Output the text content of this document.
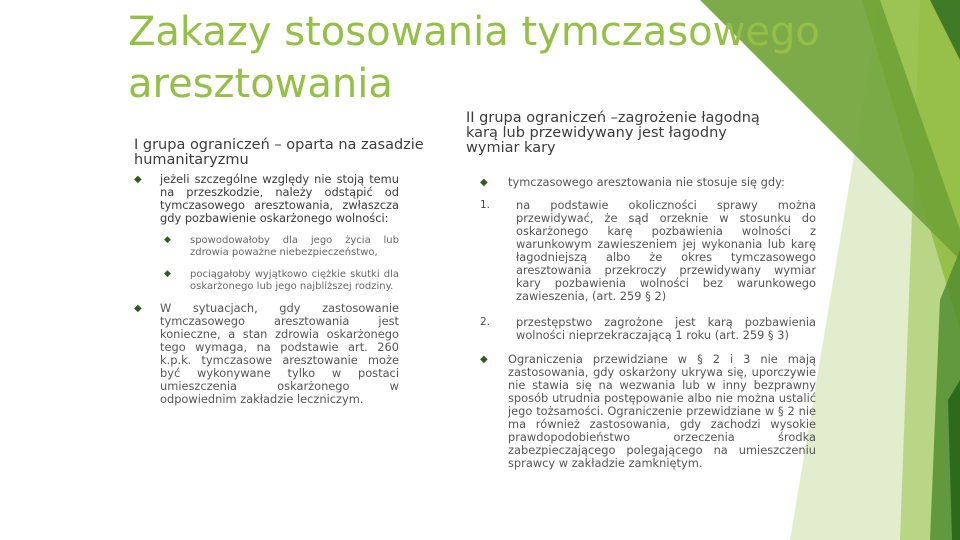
Zakazy stosowania tymczasowego aresztowania
I grupa ograniczeń – oparta na zasadzie humanitaryzmu
II grupa ograniczeń –zagrożenie łagodną karą lub przewidywany jest łagodny wymiar kary
◆ jeżeli szczególne względy nie stoją temu na przeszkodzie, należy odstąpić od tymczasowego aresztowania, zwłaszcza gdy pozbawienie oskarżonego wolności:
◆ spowodowałoby dla jego życia lub zdrowia poważne niebezpieczeństwo,
◆ pociągałoby wyjątkowo ciężkie skutki dla oskarżonego lub jego najbliższej rodziny.
◆ W sytuacjach, gdy zastosowanie tymczasowego aresztowania jest konieczne, a stan zdrowia oskarżonego tego wymaga, na podstawie art. 260 k.p.k. tymczasowe aresztowanie może być wykonywane tylko w postaci umieszczenia oskarżonego w odpowiednim zakładzie leczniczym.
◆ tymczasowego aresztowania nie stosuje się gdy:
1. na podstawie okoliczności sprawy można przewidywać, że sąd orzeknie w stosunku do oskarżonego karę pozbawienia wolności z warunkowym zawieszeniem jej wykonania lub karę łagodniejszą albo że okres tymczasowego aresztowania przekroczy przewidywany wymiar kary pozbawienia wolności bez warunkowego zawieszenia, (art. 259 § 2)
2. przestępstwo zagrożone jest karą pozbawienia wolności nieprzekraczającą 1 roku (art. 259 § 3)
◆ Ograniczenia przewidziane w § 2 i 3 nie mają zastosowania, gdy oskarżony ukrywa się, uporczywie nie stawia się na wezwania lub w inny bezprawny sposób utrudnia postępowanie albo nie można ustalić jego tożsamości. Ograniczenie przewidziane w § 2 nie ma również zastosowania, gdy zachodzi wysokie prawdopodobieństwo orzeczenia środka zabezpieczającego polegającego na umieszczeniu sprawcy w zakładzie zamkniętym.
